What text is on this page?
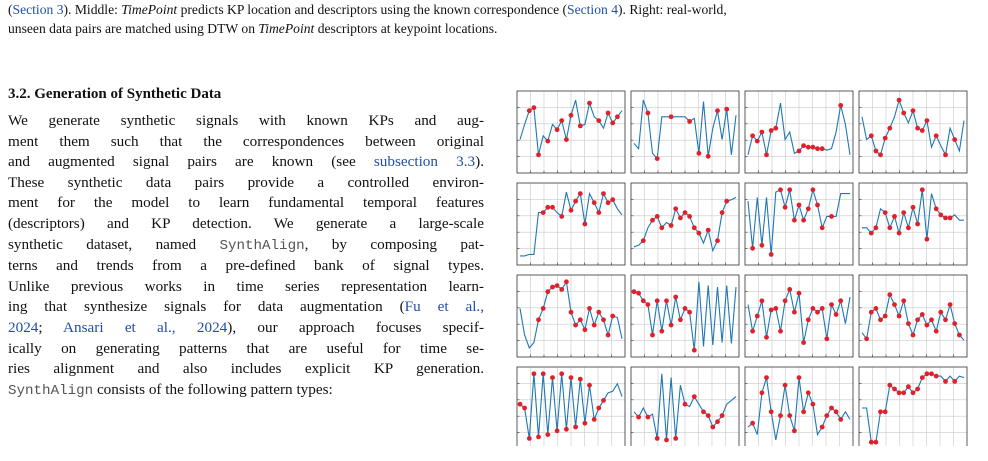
(Section 3). Middle: TimePoint predicts KP location and descriptors using the known correspondence (Section 4). Right: real-world,
unseen data pairs are matched using DTW on TimePoint descriptors at keypoint locations.
3.2. Generation of Synthetic Data
We generate synthetic signals with known KPs and aug-
ment them such that the correspondences between original
and augmented signal pairs are known (see subsection 3.3).
These synthetic data pairs provide a controlled environ-
ment for the model to learn fundamental temporal features
(descriptors) and KP detection. We generate a large-scale
synthetic dataset, named SynthAlign, by composing pat-
terns and trends from a pre-defined bank of signal types.
Unlike previous works in time series representation learn-
ing that synthesize signals for data augmentation (Fu et al.,
2024; Ansari et al., 2024), our approach focuses specif-
ically on generating patterns that are useful for time se-
ries alignment and also includes explicit KP generation.
SynthAlign consists of the following pattern types:
